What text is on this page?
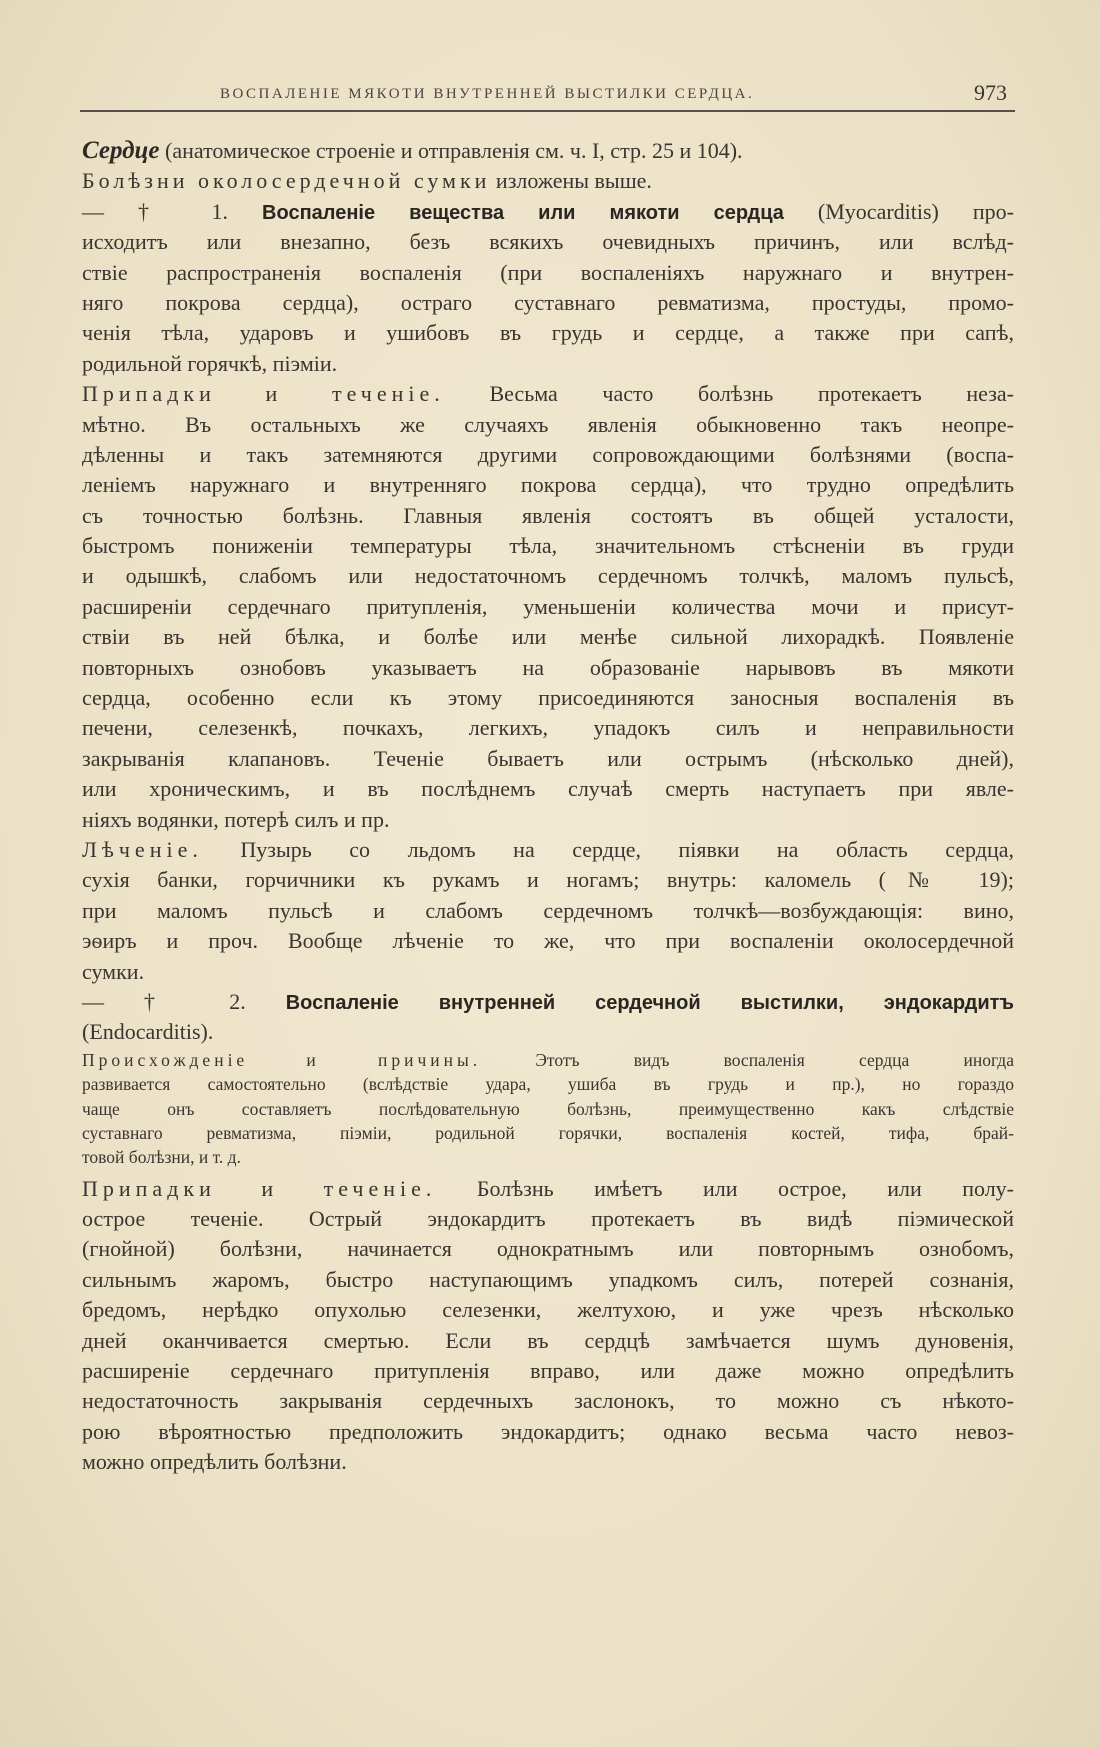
ВОСПАЛЕНІЕ МЯКОТИ ВНУТРЕННЕЙ ВЫСТИЛКИ СЕРДЦА.	973
Сердце (анатомическое строеніе и отправленія см. ч. I, стр. 25 и 104).
Болѣзни околосердечной сумки изложены выше.
— † 1. Воспаленіе вещества или мякоти сердца (Myocarditis) про-
исходитъ или внезапно, безъ всякихъ очевидныхъ причинъ, или вслѣд-
ствіе распространенія воспаленія (при воспаленіяхъ наружнаго и внутрен-
няго покрова сердца), остраго суставнаго ревматизма, простуды, промо-
ченія тѣла, ударовъ и ушибовъ въ грудь и сердце, а также при сапѣ,
родильной горячкѣ, піэміи.
Припадки и теченіе. Весьма часто болѣзнь протекаетъ неза-
мѣтно. Въ остальныхъ же случаяхъ явленія обыкновенно такъ неопре-
дѣленны и такъ затемняются другими сопровождающими болѣзнями (воспа-
леніемъ наружнаго и внутренняго покрова сердца), что трудно опредѣлить
съ точностью болѣзнь. Главныя явленія состоятъ въ общей усталости,
быстромъ пониженіи температуры тѣла, значительномъ стѣсненіи въ груди
и одышкѣ, слабомъ или недостаточномъ сердечномъ толчкѣ, маломъ пульсѣ,
расширеніи сердечнаго притупленія, уменьшеніи количества мочи и присут-
ствіи въ ней бѣлка, и болѣе или менѣе сильной лихорадкѣ. Появленіе
повторныхъ ознобовъ указываетъ на образованіе нарывовъ въ мякоти
сердца, особенно если къ этому присоединяются заносныя воспаленія въ
печени, селезенкѣ, почкахъ, легкихъ, упадокъ силъ и неправильности
закрыванія клапановъ. Теченіе бываетъ или острымъ (нѣсколько дней),
или хроническимъ, и въ послѣднемъ случаѣ смерть наступаетъ при явле-
ніяхъ водянки, потерѣ силъ и пр.
Лѣченіе. Пузырь со льдомъ на сердце, піявки на область сердца,
сухія банки, горчичники къ рукамъ и ногамъ; внутрь: каломель (№ 19);
при маломъ пульсѣ и слабомъ сердечномъ толчкѣ—возбуждающія: вино,
эѳиръ и проч. Вообще лѣченіе то же, что при воспаленіи околосердечной
сумки.
— † 2. Воспаленіе внутренней сердечной выстилки, эндокардитъ
(Endocarditis).
Происхожденіе и причины. Этотъ видъ воспаленія сердца иногда
развивается самостоятельно (вслѣдствіе удара, ушиба въ грудь и пр.), но гораздо
чаще онъ составляетъ послѣдовательную болѣзнь, преимущественно какъ слѣдствіе
суставнаго ревматизма, піэміи, родильной горячки, воспаленія костей, тифа, брай-
товой болѣзни, и т. д.
Припадки и теченіе. Болѣзнь имѣетъ или острое, или полу-
острое теченіе. Острый эндокардитъ протекаетъ въ видѣ піэмической
(гнойной) болѣзни, начинается однократнымъ или повторнымъ ознобомъ,
сильнымъ жаромъ, быстро наступающимъ упадкомъ силъ, потерей сознанія,
бредомъ, нерѣдко опухолью селезенки, желтухою, и уже чрезъ нѣсколько
дней оканчивается смертью. Если въ сердцѣ замѣчается шумъ дуновенія,
расширеніе сердечнаго притупленія вправо, или даже можно опредѣлить
недостаточность закрыванія сердечныхъ заслонокъ, то можно съ нѣкото-
рою вѣроятностью предположить эндокардитъ; однако весьма часто невоз-
можно опредѣлить болѣзни.
